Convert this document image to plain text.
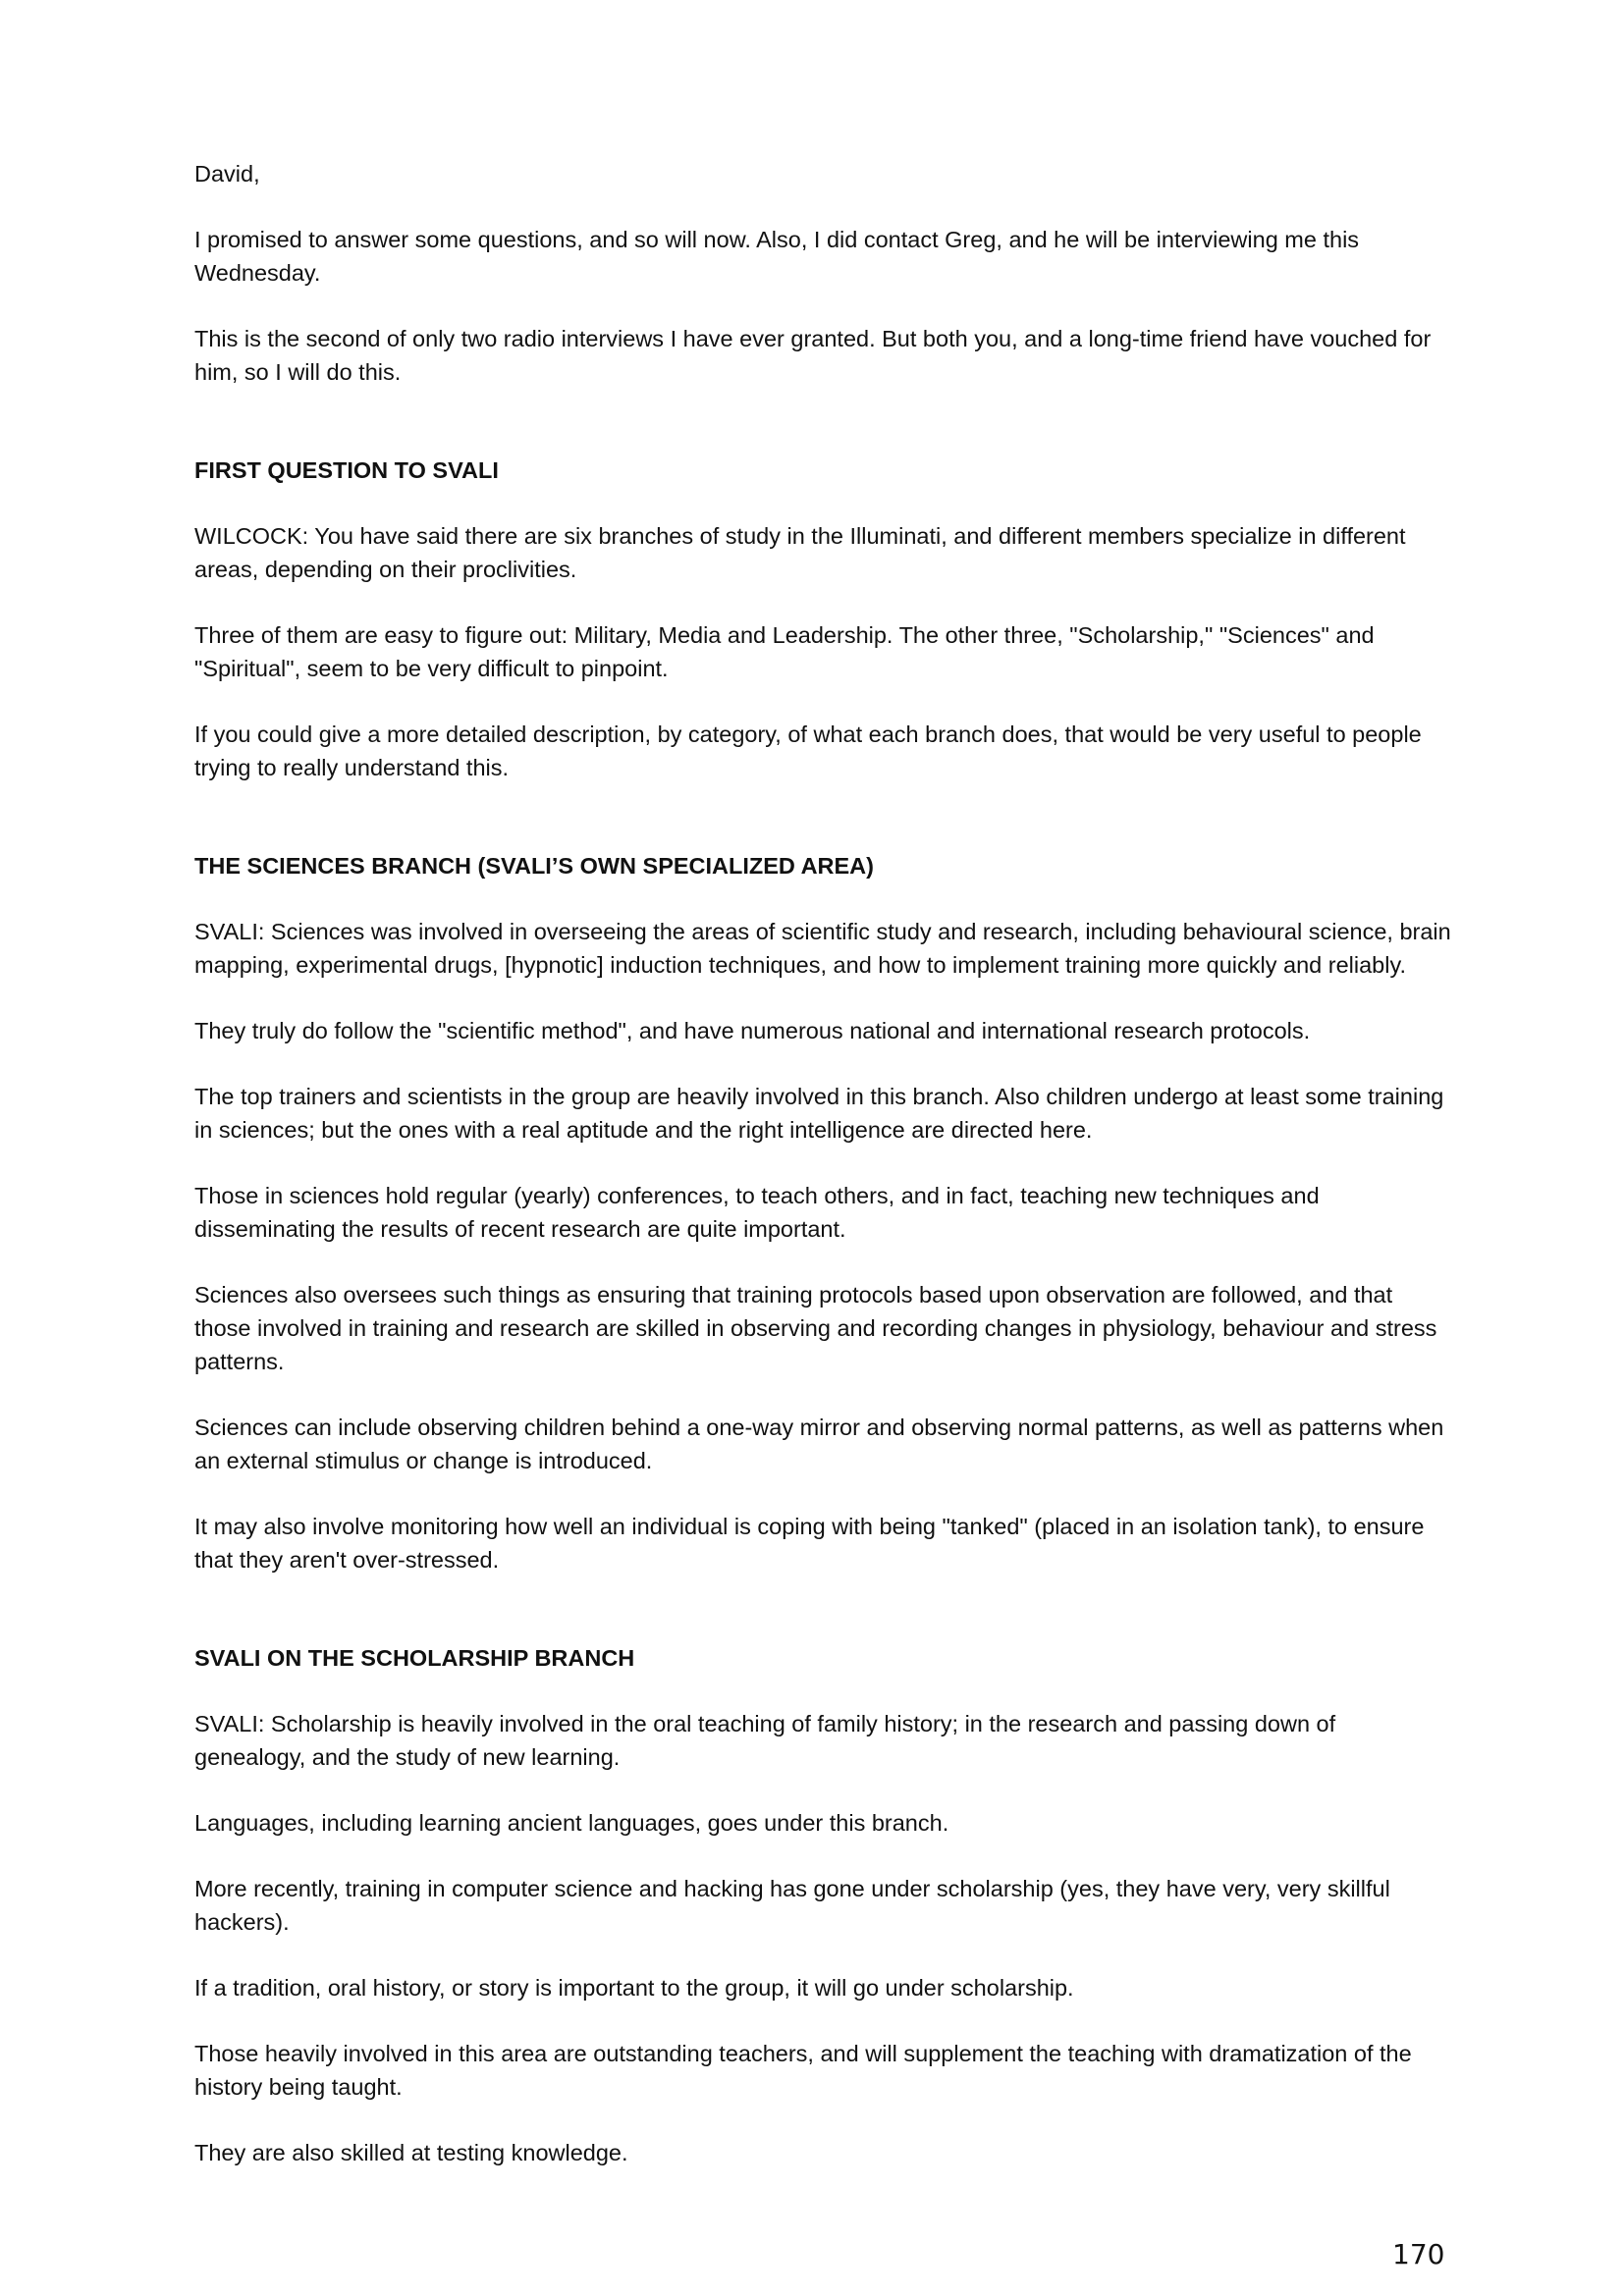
David,

I promised to answer some questions, and so will now. Also, I did contact Greg, and he will be interviewing me this Wednesday.

This is the second of only two radio interviews I have ever granted. But both you, and a long-time friend have vouched for him, so I will do this.

FIRST QUESTION TO SVALI

WILCOCK: You have said there are six branches of study in the Illuminati, and different members specialize in different areas, depending on their proclivities.

Three of them are easy to figure out: Military, Media and Leadership. The other three, "Scholarship," "Sciences" and "Spiritual", seem to be very difficult to pinpoint.

If you could give a more detailed description, by category, of what each branch does, that would be very useful to people trying to really understand this.

THE SCIENCES BRANCH (SVALI’S OWN SPECIALIZED AREA)

SVALI: Sciences was involved in overseeing the areas of scientific study and research, including behavioural science, brain mapping, experimental drugs, [hypnotic] induction techniques, and how to implement training more quickly and reliably.

They truly do follow the "scientific method", and have numerous national and international research protocols.

The top trainers and scientists in the group are heavily involved in this branch. Also children undergo at least some training in sciences; but the ones with a real aptitude and the right intelligence are directed here.

Those in sciences hold regular (yearly) conferences, to teach others, and in fact, teaching new techniques and disseminating the results of recent research are quite important.

Sciences also oversees such things as ensuring that training protocols based upon observation are followed, and that those involved in training and research are skilled in observing and recording changes in physiology, behaviour and stress patterns.

Sciences can include observing children behind a one-way mirror and observing normal patterns, as well as patterns when an external stimulus or change is introduced.

It may also involve monitoring how well an individual is coping with being "tanked" (placed in an isolation tank), to ensure that they aren't over-stressed.

SVALI ON THE SCHOLARSHIP BRANCH

SVALI: Scholarship is heavily involved in the oral teaching of family history; in the research and passing down of genealogy, and the study of new learning.

Languages, including learning ancient languages, goes under this branch.

More recently, training in computer science and hacking has gone under scholarship (yes, they have very, very skillful hackers).

If a tradition, oral history, or story is important to the group, it will go under scholarship.

Those heavily involved in this area are outstanding teachers, and will supplement the teaching with dramatization of the history being taught.

They are also skilled at testing knowledge.

170
